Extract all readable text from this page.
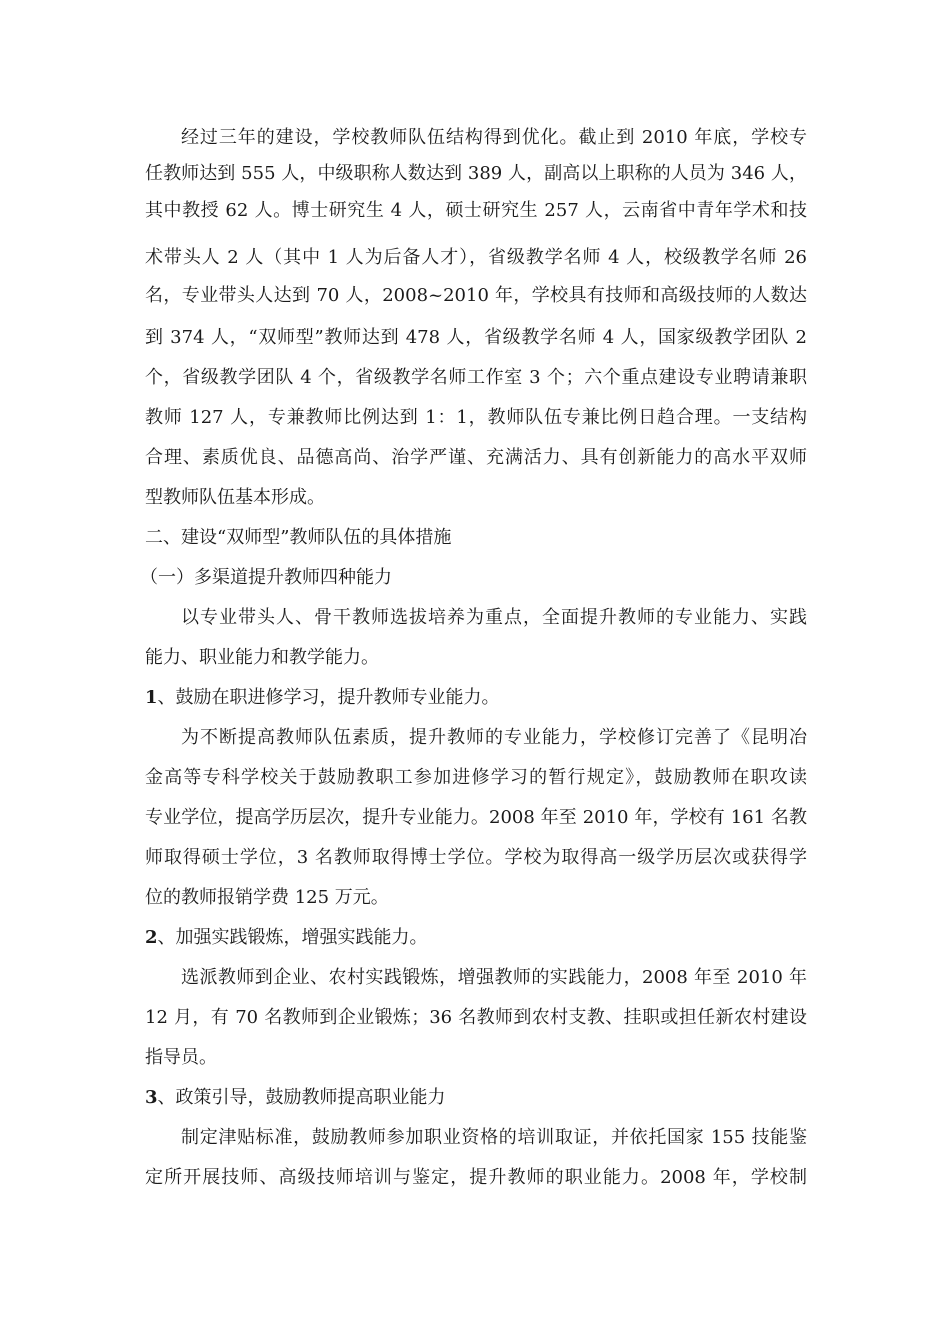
经过三年的建设，学校教师队伍结构得到优化。截止到 2010 年底，学校专
任教师达到 555 人，中级职称人数达到 389 人，副高以上职称的人员为 346 人，
其中教授 62 人。博士研究生 4 人，硕士研究生 257 人，云南省中青年学术和技
术带头人 2 人（其中 1 人为后备人才），省级教学名师 4 人，校级教学名师 26
名，专业带头人达到 70 人，2008~2010 年，学校具有技师和高级技师的人数达
到 374 人，“双师型”教师达到 478 人，省级教学名师 4 人，国家级教学团队 2
个，省级教学团队 4 个，省级教学名师工作室 3 个；六个重点建设专业聘请兼职
教师 127 人，专兼教师比例达到 1：1，教师队伍专兼比例日趋合理。一支结构
合理、素质优良、品德高尚、治学严谨、充满活力、具有创新能力的高水平双师
型教师队伍基本形成。
二、建设“双师型”教师队伍的具体措施
（一）多渠道提升教师四种能力
以专业带头人、骨干教师选拔培养为重点，全面提升教师的专业能力、实践
能力、职业能力和教学能力。
1、鼓励在职进修学习，提升教师专业能力。
为不断提高教师队伍素质，提升教师的专业能力，学校修订完善了《昆明冶
金高等专科学校关于鼓励教职工参加进修学习的暂行规定》，鼓励教师在职攻读
专业学位，提高学历层次，提升专业能力。2008 年至 2010 年，学校有 161 名教
师取得硕士学位，3 名教师取得博士学位。学校为取得高一级学历层次或获得学
位的教师报销学费 125 万元。
2、加强实践锻炼，增强实践能力。
选派教师到企业、农村实践锻炼，增强教师的实践能力，2008 年至 2010 年
12 月，有 70 名教师到企业锻炼；36 名教师到农村支教、挂职或担任新农村建设
指导员。
3、政策引导，鼓励教师提高职业能力
制定津贴标准，鼓励教师参加职业资格的培训取证，并依托国家 155 技能鉴
定所开展技师、高级技师培训与鉴定，提升教师的职业能力。2008 年，学校制
